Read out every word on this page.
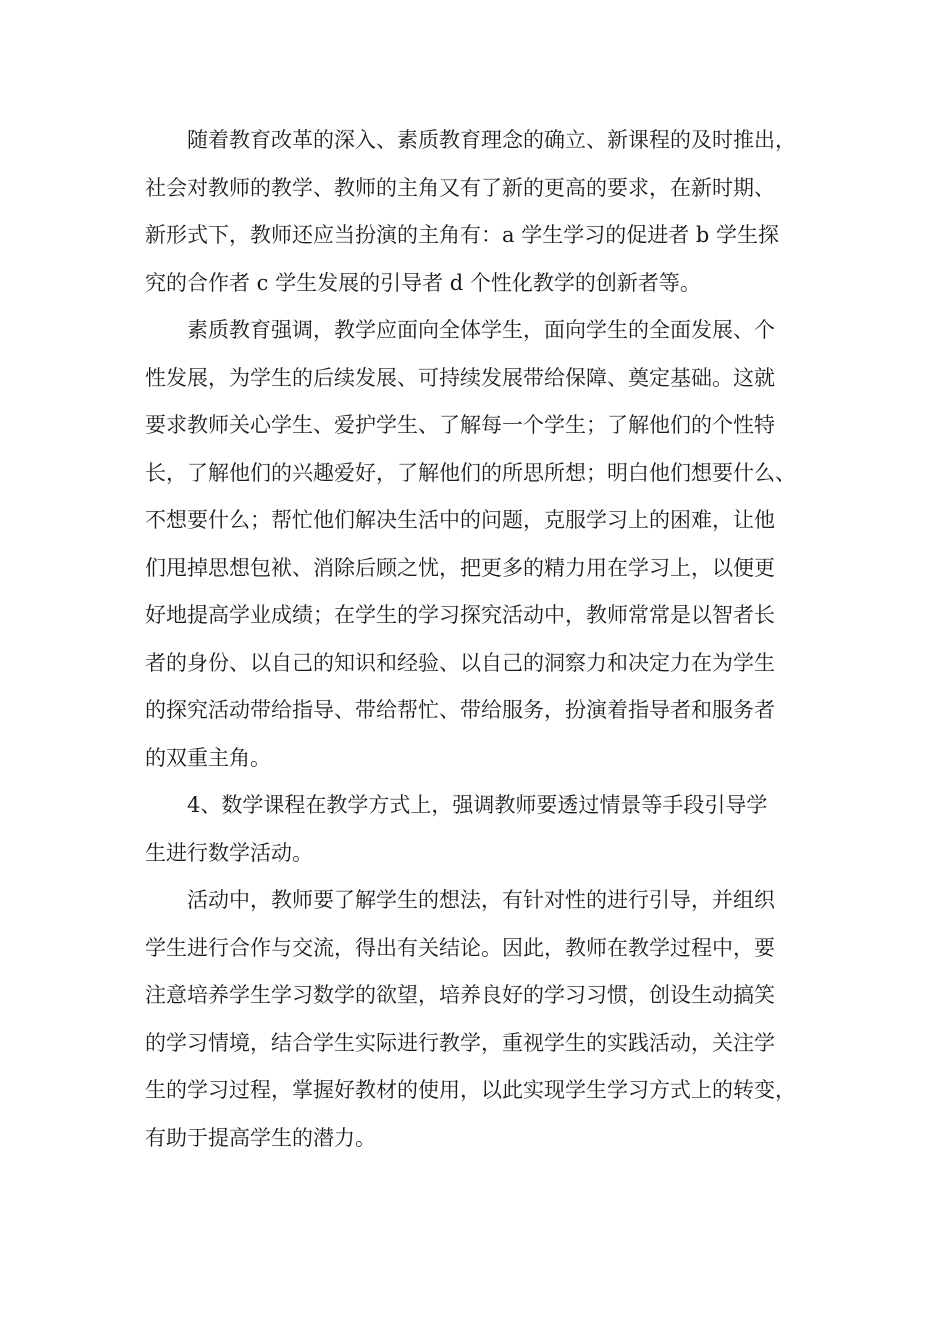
　　随着教育改革的深入、素质教育理念的确立、新课程的及时推出，
社会对教师的教学、教师的主角又有了新的更高的要求，在新时期、
新形式下，教师还应当扮演的主角有：a 学生学习的促进者 b 学生探
究的合作者 c 学生发展的引导者 d 个性化教学的创新者等。
　　素质教育强调，教学应面向全体学生，面向学生的全面发展、个
性发展，为学生的后续发展、可持续发展带给保障、奠定基础。这就
要求教师关心学生、爱护学生、了解每一个学生；了解他们的个性特
长，了解他们的兴趣爱好，了解他们的所思所想；明白他们想要什么、
不想要什么；帮忙他们解决生活中的问题，克服学习上的困难，让他
们甩掉思想包袱、消除后顾之忧，把更多的精力用在学习上，以便更
好地提高学业成绩；在学生的学习探究活动中，教师常常是以智者长
者的身份、以自己的知识和经验、以自己的洞察力和决定力在为学生
的探究活动带给指导、带给帮忙、带给服务，扮演着指导者和服务者
的双重主角。
　　4、数学课程在教学方式上，强调教师要透过情景等手段引导学
生进行数学活动。
　　活动中，教师要了解学生的想法，有针对性的进行引导，并组织
学生进行合作与交流，得出有关结论。因此，教师在教学过程中，要
注意培养学生学习数学的欲望，培养良好的学习习惯，创设生动搞笑
的学习情境，结合学生实际进行教学，重视学生的实践活动，关注学
生的学习过程，掌握好教材的使用，以此实现学生学习方式上的转变，
有助于提高学生的潜力。
